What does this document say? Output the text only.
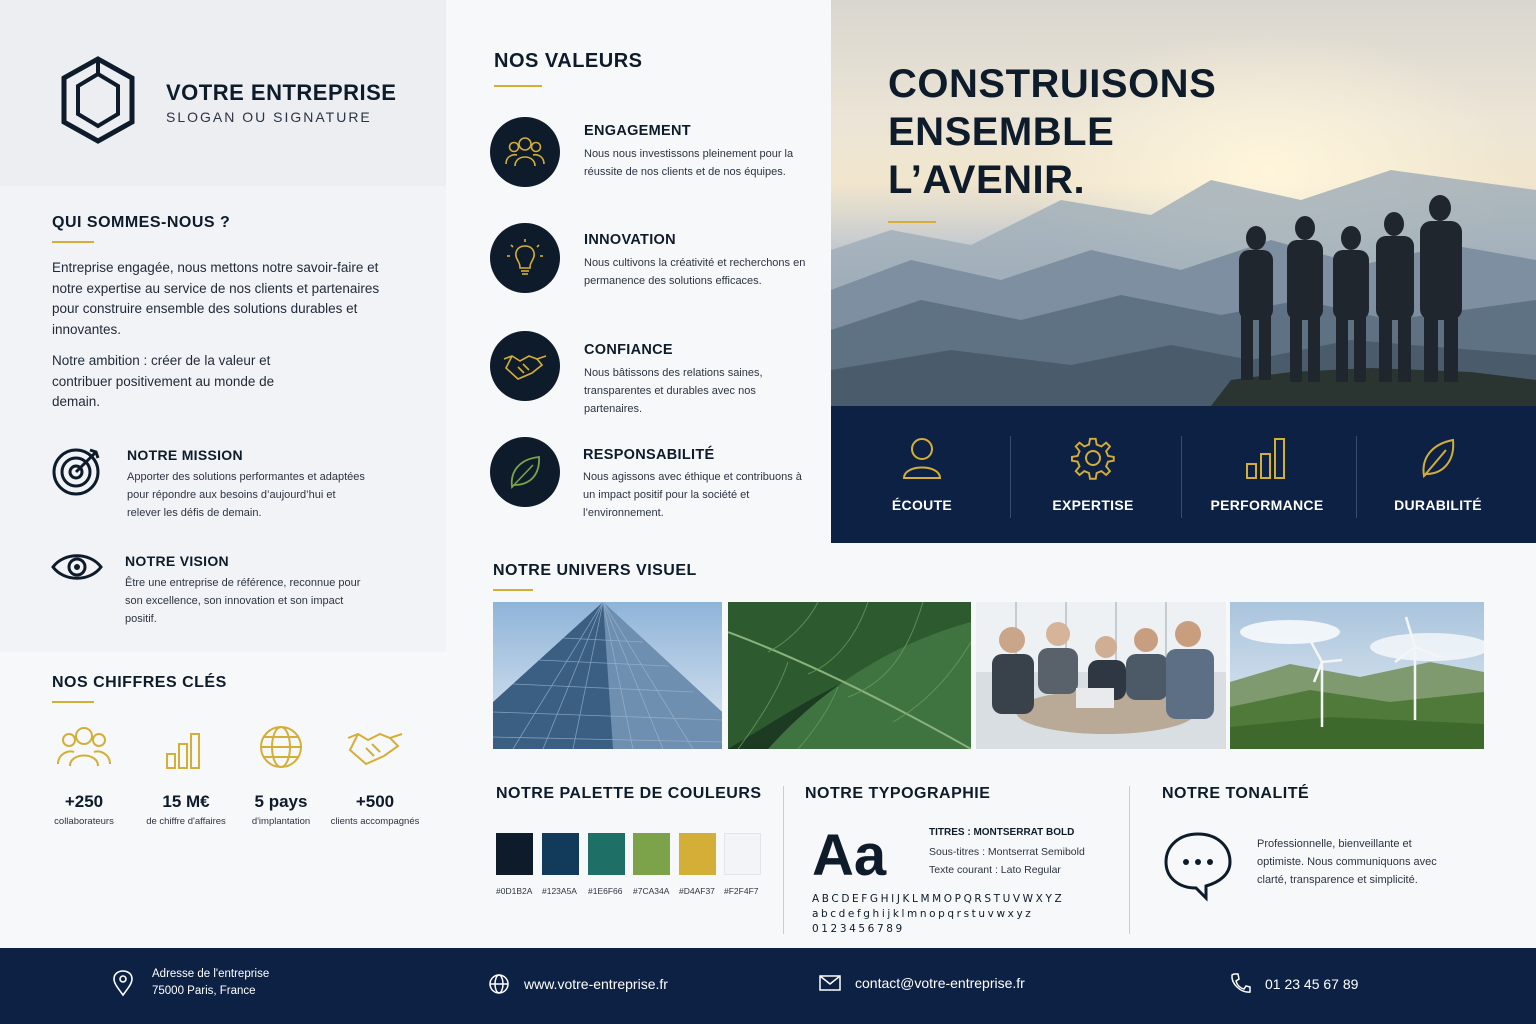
VOTRE ENTREPRISE
SLOGAN OU SIGNATURE
QUI SOMMES-NOUS ?
Entreprise engagée, nous mettons notre savoir-faire et notre expertise au service de nos clients et partenaires pour construire ensemble des solutions durables et innovantes.
Notre ambition : créer de la valeur et contribuer positivement au monde de demain.
NOTRE MISSION
Apporter des solutions performantes et adaptées pour répondre aux besoins d’aujourd’hui et relever les défis de demain.
NOTRE VISION
Être une entreprise de référence, reconnue pour son excellence, son innovation et son impact positif.
NOS CHIFFRES CLÉS
+250
collaborateurs
15 M€
de chiffre d'affaires
5 pays
d'implantation
+500
clients accompagnés
NOS VALEURS
ENGAGEMENT
Nous nous investissons pleinement pour la réussite de nos clients et de nos équipes.
INNOVATION
Nous cultivons la créativité et recherchons en permanence des solutions efficaces.
CONFIANCE
Nous bâtissons des relations saines, transparentes et durables avec nos partenaires.
RESPONSABILITÉ
Nous agissons avec éthique et contribuons à un impact positif pour la société et l’environnement.
CONSTRUISONS ENSEMBLE L’AVENIR.
ÉCOUTE	EXPERTISE	PERFORMANCE	DURABILITÉ
NOTRE UNIVERS VISUEL
NOTRE PALETTE DE COULEURS
#0D1B2A #123A5A #1E6F66 #7CA34A #D4AF37 #F2F4F7
NOTRE TYPOGRAPHIE
Aa	TITRES : MONTSERRAT BOLD
Sous-titres : Montserrat Semibold
Texte courant : Lato Regular
ABCDEFGHIJKLMMOPQRSTUVWXYZ
abcdefghijklmnopqrstuvwxyz
0123456789
NOTRE TONALITÉ
Professionnelle, bienveillante et optimiste. Nous communiquons avec clarté, transparence et simplicité.
Adresse de l'entreprise
75000 Paris, France	www.votre-entreprise.fr	contact@votre-entreprise.fr	01 23 45 67 89
